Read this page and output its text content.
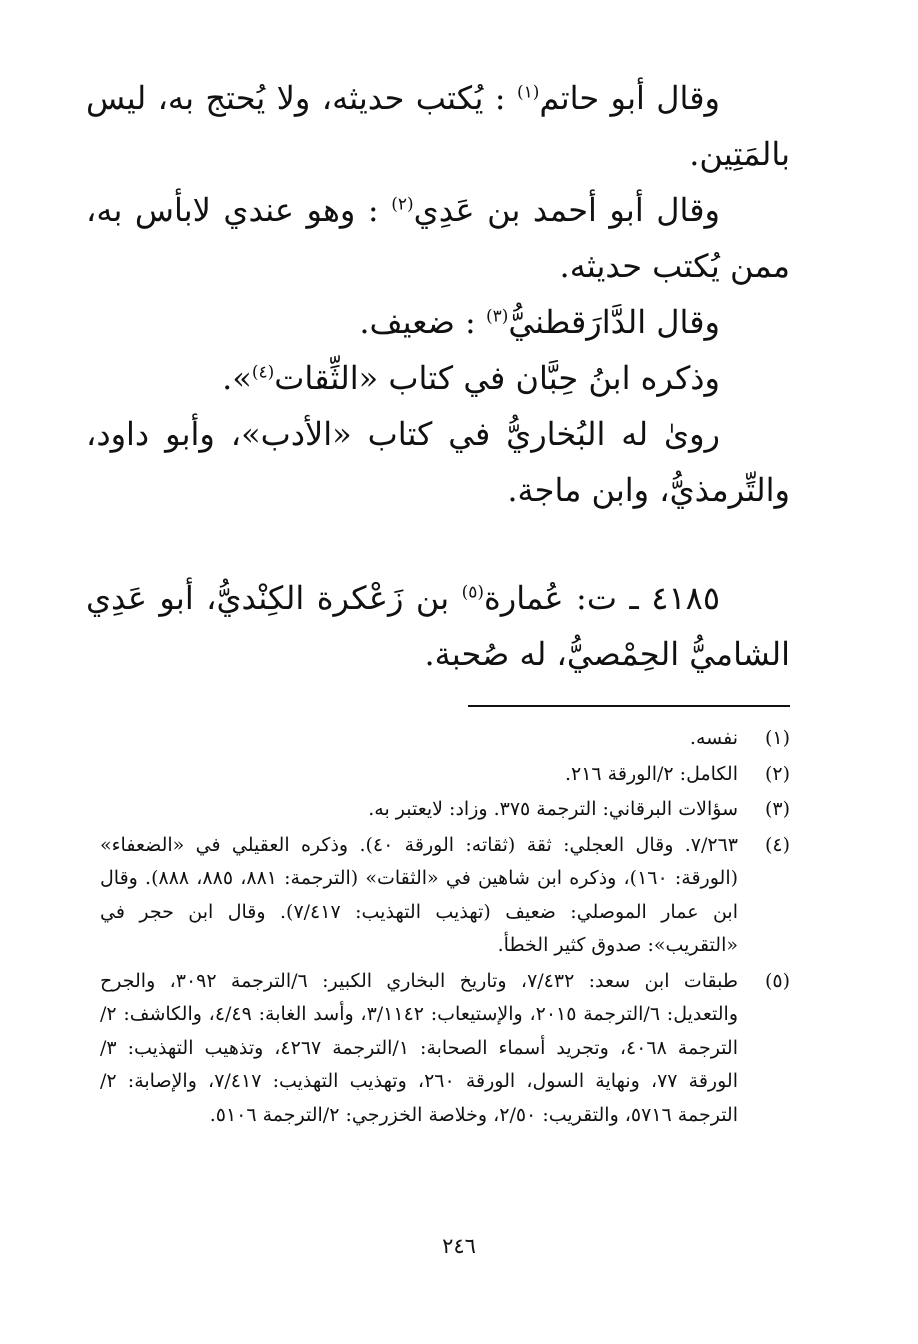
وقال أبو حاتم$^{(١)}$ : يُكتب حديثه، ولا يُحتج به، ليس بالمَتِين.

وقال أبو أحمد بن عَدِي$^{(٢)}$ : وهو عندي لابأس به، ممن يُكتب حديثه.

وقال الدَّارَقطنيُّ$^{(٣)}$ : ضعيف.

وذكره ابنُ حِبَّان في كتاب «الثِّقات$^{(٤)}$».

رویٰ له البُخاريُّ في كتاب «الأدب»، وأبو داود، والتِّرمذيُّ، وابن ماجة.

٤١٨٥ ـ ت: عُمارة$^{(٥)}$ بن زَعْكرة الكِنْديُّ، أبو عَدِي الشاميُّ الحِمْصيُّ، له صُحبة.

(١)
نفسه.
(٢)
الكامل: ٢/الورقة ٢١٦.
(٣)
سؤالات البرقاني: الترجمة ٣٧٥. وزاد: لايعتبر به.
(٤)
٧/٢٦٣. وقال العجلي: ثقة (ثقاته: الورقة ٤٠). وذكره العقيلي في «الضعفاء» (الورقة: ١٦٠)، وذكره ابن شاهين في «الثقات» (الترجمة: ٨٨١، ٨٨٥، ٨٨٨). وقال ابن عمار الموصلي: ضعيف (تهذيب التهذيب: ٧/٤١٧). وقال ابن حجر في «التقريب»: صدوق كثير الخطأ.
(٥)
طبقات ابن سعد: ٧/٤٣٢، وتاريخ البخاري الكبير: ٦/الترجمة ٣٠٩٢، والجرح والتعديل: ٦/الترجمة ٢٠١٥، والإستيعاب: ٣/١١٤٢، وأسد الغابة: ٤/٤٩، والكاشف: ٢/الترجمة ٤٠٦٨، وتجريد أسماء الصحابة: ١/الترجمة ٤٢٦٧، وتذهيب التهذيب: ٣/الورقة ٧٧، ونهاية السول، الورقة ٢٦٠، وتهذيب التهذيب: ٧/٤١٧، والإصابة: ٢/الترجمة ٥٧١٦، والتقريب: ٢/٥٠، وخلاصة الخزرجي: ٢/الترجمة ٥١٠٦.
٢٤٦
